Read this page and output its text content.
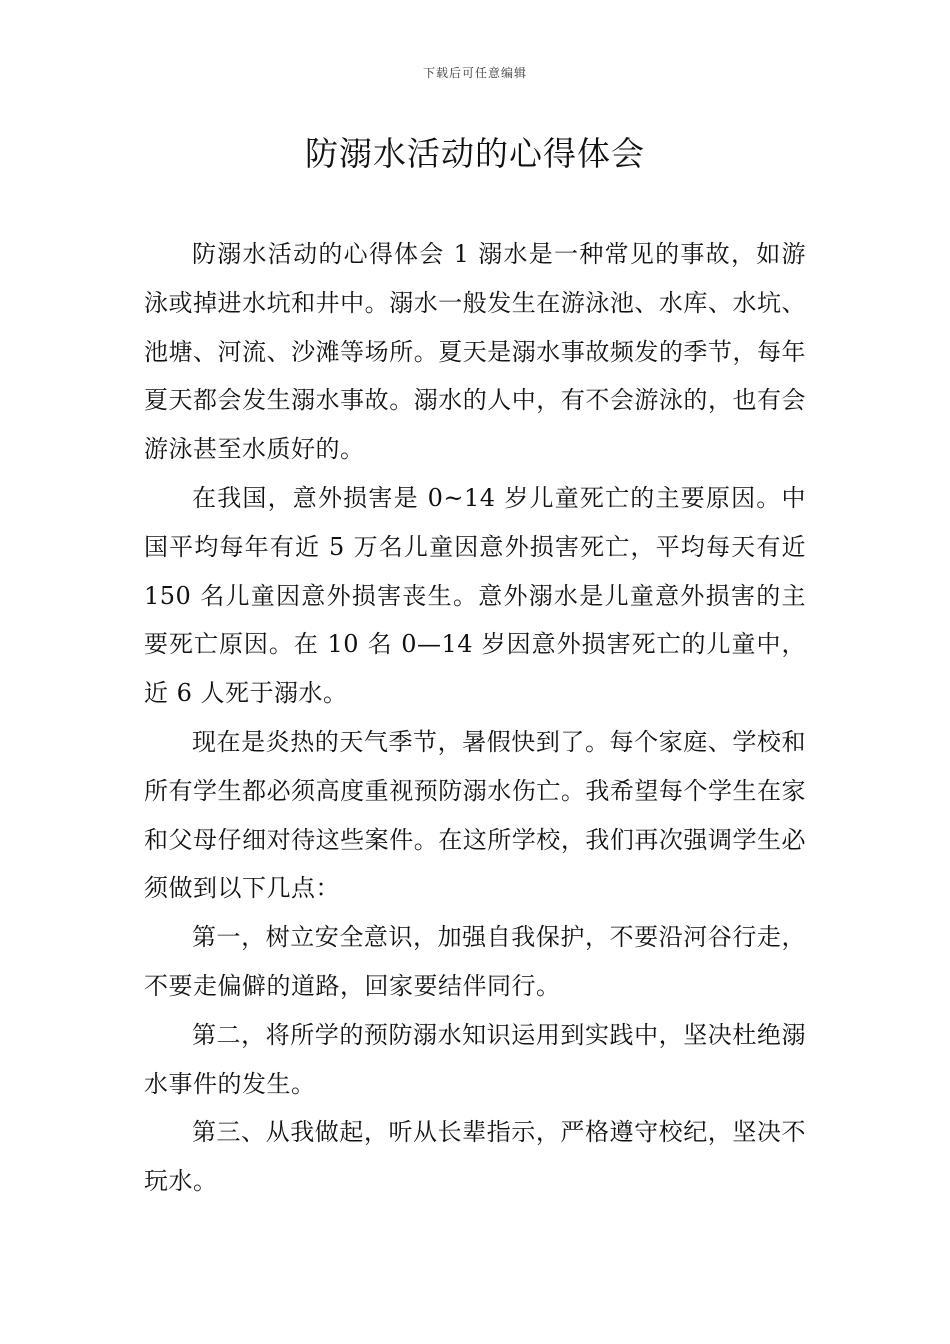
下载后可任意编辑
防溺水活动的心得体会

防溺水活动的心得体会 1 溺水是一种常见的事故，如游泳或掉进水坑和井中。溺水一般发生在游泳池、水库、水坑、池塘、河流、沙滩等场所。夏天是溺水事故频发的季节，每年夏天都会发生溺水事故。溺水的人中，有不会游泳的，也有会游泳甚至水质好的。

在我国，意外损害是 0~14 岁儿童死亡的主要原因。中国平均每年有近 5 万名儿童因意外损害死亡，平均每天有近 150 名儿童因意外损害丧生。意外溺水是儿童意外损害的主要死亡原因。在 10 名 0—14 岁因意外损害死亡的儿童中，近 6 人死于溺水。

现在是炎热的天气季节，暑假快到了。每个家庭、学校和所有学生都必须高度重视预防溺水伤亡。我希望每个学生在家和父母仔细对待这些案件。在这所学校，我们再次强调学生必须做到以下几点：

第一，树立安全意识，加强自我保护，不要沿河谷行走，不要走偏僻的道路，回家要结伴同行。

第二，将所学的预防溺水知识运用到实践中，坚决杜绝溺水事件的发生。

第三、从我做起，听从长辈指示，严格遵守校纪，坚决不玩水。
